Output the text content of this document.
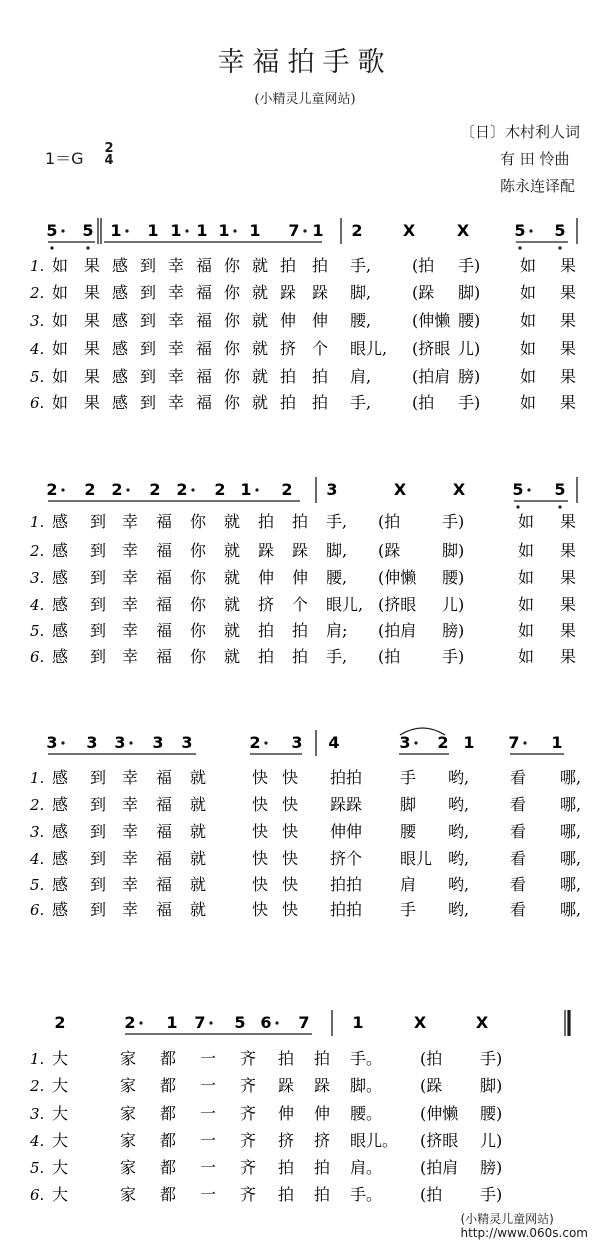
幸福拍手歌
(小精灵儿童网站)
〔日〕木村利人词
有 田 怜曲
陈永连译配
1＝G
2
4
5 5 1 1 1 1 1 1 7 1 2	X	X	5 5
1. 如 果 感 到 幸 福 你 就 拍 拍 手,	(拍 手) 如 果
2. 如 果 感 到 幸 福 你 就 跺 跺 脚,	(跺 脚) 如 果
3. 如 果 感 到 幸 福 你 就 伸 伸 腰,	(伸懒 腰) 如 果
4. 如 果 感 到 幸 福 你 就 挤 个 眼儿, (挤眼 儿) 如 果
5. 如 果 感 到 幸 福 你 就 拍 拍 肩,	(拍肩 膀) 如 果
6. 如 果 感 到 幸 福 你 就 拍 拍 手,	(拍 手) 如 果
2 2 2 2 2 2 1 2 3	X	X	5 5
1. 感 到 幸 福 你 就 拍 拍 手, (拍	手)	如 果
2. 感 到 幸 福 你 就 跺 跺 脚, (跺	脚)	如 果
3. 感 到 幸 福 你 就 伸 伸 腰, (伸懒 腰)	如 果
4. 感 到 幸 福 你 就 挤 个 眼儿, (挤眼 儿)	如 果
5. 感 到 幸 福 你 就 拍 拍 肩; (拍肩 膀)	如 果
6. 感 到 幸 福 你 就 拍 拍 手, (拍	手)	如 果
3 3 3 3 3	2 3 4	3 2 1 7 1
1. 感 到 幸 福 就	快 快 拍拍 手 哟,	看 哪,
2. 感 到 幸 福 就	快 快 跺跺 脚 哟,	看 哪,
3. 感 到 幸 福 就	快 快 伸伸 腰 哟,	看 哪,
4. 感 到 幸 福 就	快 快 挤个 眼儿 哟,	看 哪,
5. 感 到 幸 福 就	快 快 拍拍 肩 哟,	看 哪,
6. 感 到 幸 福 就	快 快 拍拍 手 哟,	看 哪,
2	2 1 7 5 6 7	1	X	X
1. 大	家 都 一 齐 拍 拍 手。 (拍 手)
2. 大	家 都 一 齐 跺 跺 脚。 (跺 脚)
3. 大	家 都 一 齐 伸 伸 腰。 (伸懒 腰)
4. 大	家 都 一 齐 挤 挤 眼儿。 (挤眼 儿)
5. 大	家 都 一 齐 拍 拍 肩。 (拍肩 膀)
6. 大	家 都 一 齐 拍 拍 手。 (拍 手)
(小精灵儿童网站)
http://www.060s.com
